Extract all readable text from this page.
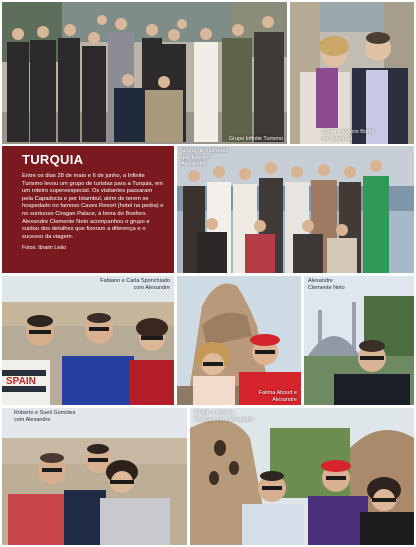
Grupo Infinite Turismo
Sonia e Marcio Borim
em Istambul
TURQUIA

Entre os dias 28 de maio e 6 de junho, a Infinite Turismo levou um grupo de turistas para a Turquia, em um roteiro supereespecial. Os visitantes passaram pela Capadocia e por Istambul, além de terem se hospedado no famoso Caves Resort (hotel na pedra) e no suntuoso Ciragan Palace, à beira do Bosforo. Alexandre Clemente Neto acompanhou o grupo e cuidou dos detalhes que fizeram a diferença e o sucesso da viagem.

Fotos: Ibraim Leão

Grupo de mulheres
que fizeram
Alexandre
SPAIN
Fabiano e Carla Sponchiado
com Alexandre
Fatima Aboud e
Alexandre
Alexandre
Clemente Neto
Roberto e Sueli Gomides
com Alexandre
Sérgio e Adriana
Marques com Alexandre
